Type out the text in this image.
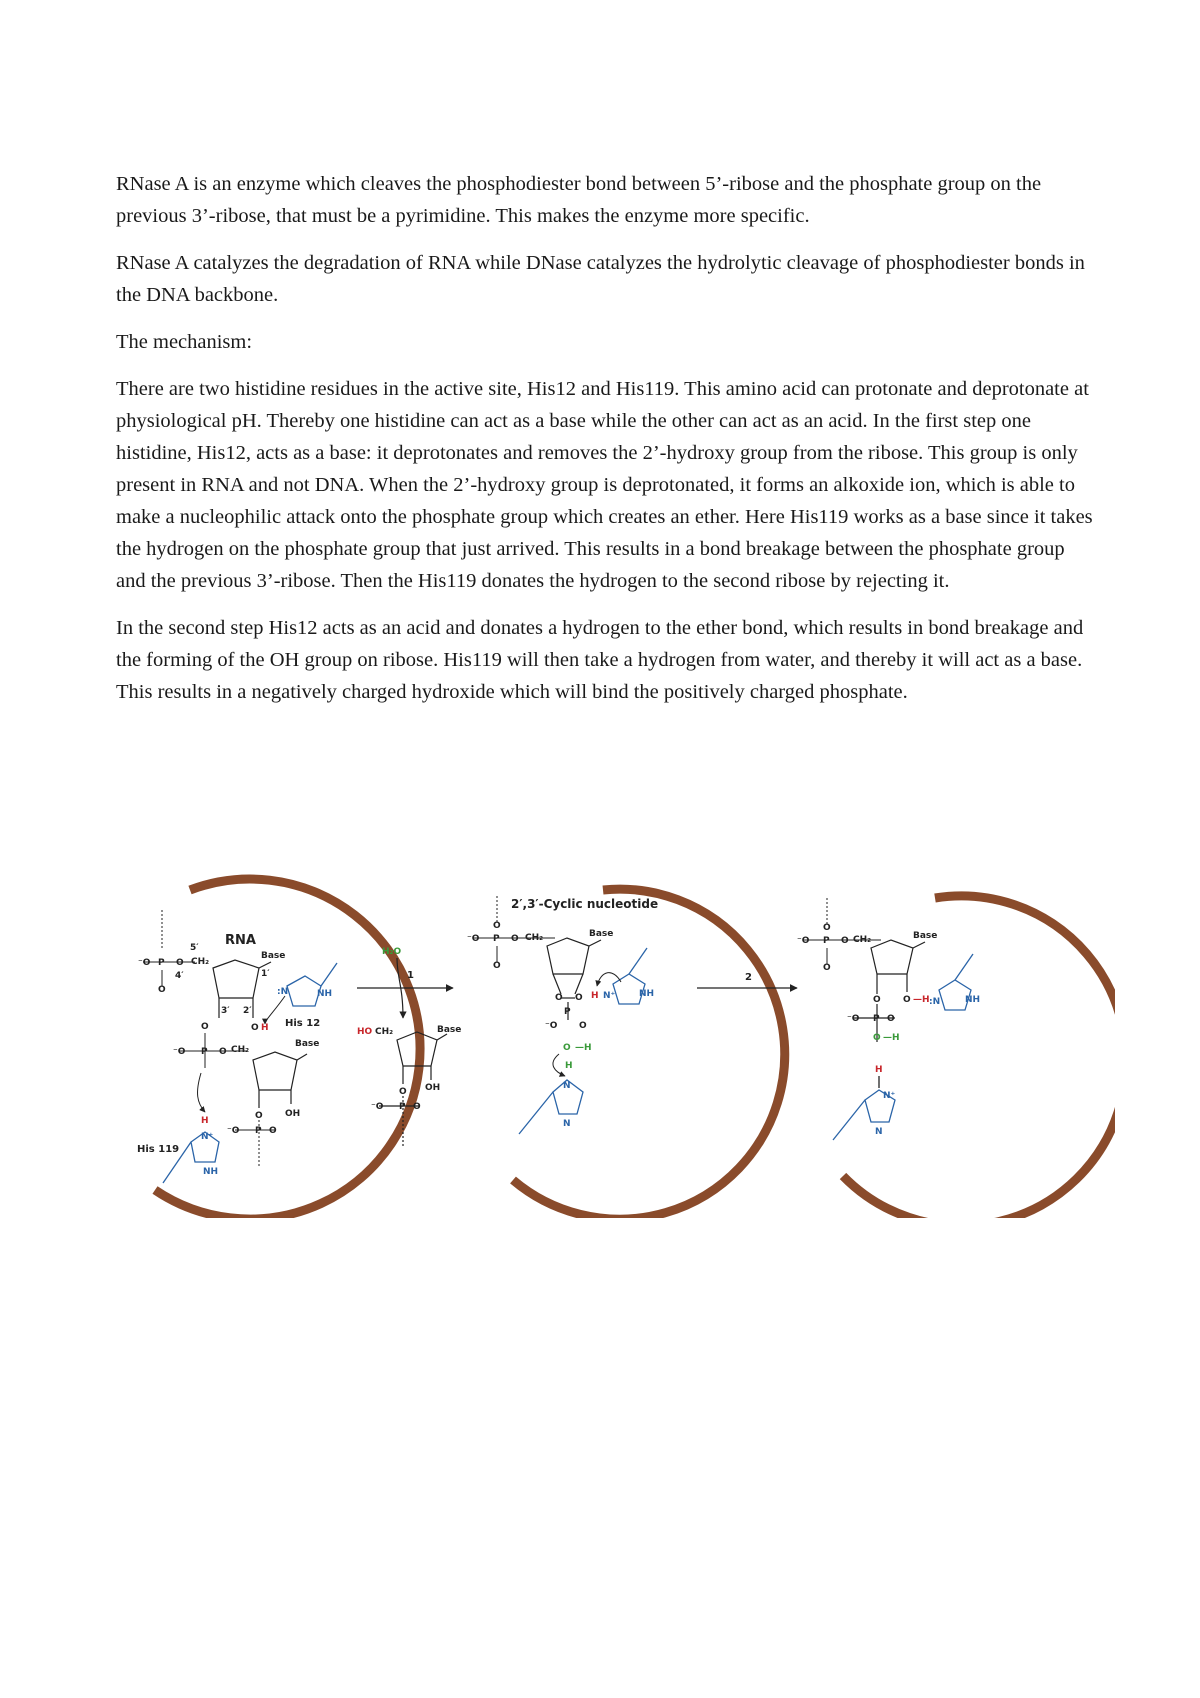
RNase A is an enzyme which cleaves the phosphodiester bond between 5’-ribose and the phosphate group on the previous 3’-ribose, that must be a pyrimidine. This makes the enzyme more specific.

RNase A catalyzes the degradation of RNA while DNase catalyzes the hydrolytic cleavage of phosphodiester bonds in the DNA backbone.

The mechanism:

There are two histidine residues in the active site, His12 and His119. This amino acid can protonate and deprotonate at physiological pH. Thereby one histidine can act as a base while the other can act as an acid. In the first step one histidine, His12, acts as a base: it deprotonates and removes the 2’-hydroxy group from the ribose. This group is only present in RNA and not DNA. When the 2’-hydroxy group is deprotonated, it forms an alkoxide ion, which is able to make a nucleophilic attack onto the phosphate group which creates an ether. Here His119 works as a base since it takes the hydrogen on the phosphate group that just arrived. This results in a bond breakage between the phosphate group and the previous 3’-ribose. Then the His119 donates the hydrogen to the second ribose by rejecting it.

In the second step His12 acts as an acid and donates a hydrogen to the ether bond, which results in bond breakage and the forming of the OH group on ribose. His119 will then take a hydrogen from water, and thereby it will act as a base. This results in a negatively charged hydroxide which will bind the positively charged phosphate.

RNA
⁻O P
O
O CH₂
5′
4′
Base
1′
3′ 2′
O H
:N	NH
His 12
O
⁻O P O CH₂
Base
OH
O
⁻O P O
H
N⁺
NH
His 119
H₂O
1
HO CH₂	Base
OH
O
⁻O P O
2′,3′-Cyclic nucleotide
⁻O P
O
O
O CH₂	Base
O O
P
⁻O O
H N⁺	NH
O —H
H
N
N
2
⁻O P
O
O
O CH₂	Base
O O —H
⁻O P O
O —H
:N	NH
H
N⁺
N
